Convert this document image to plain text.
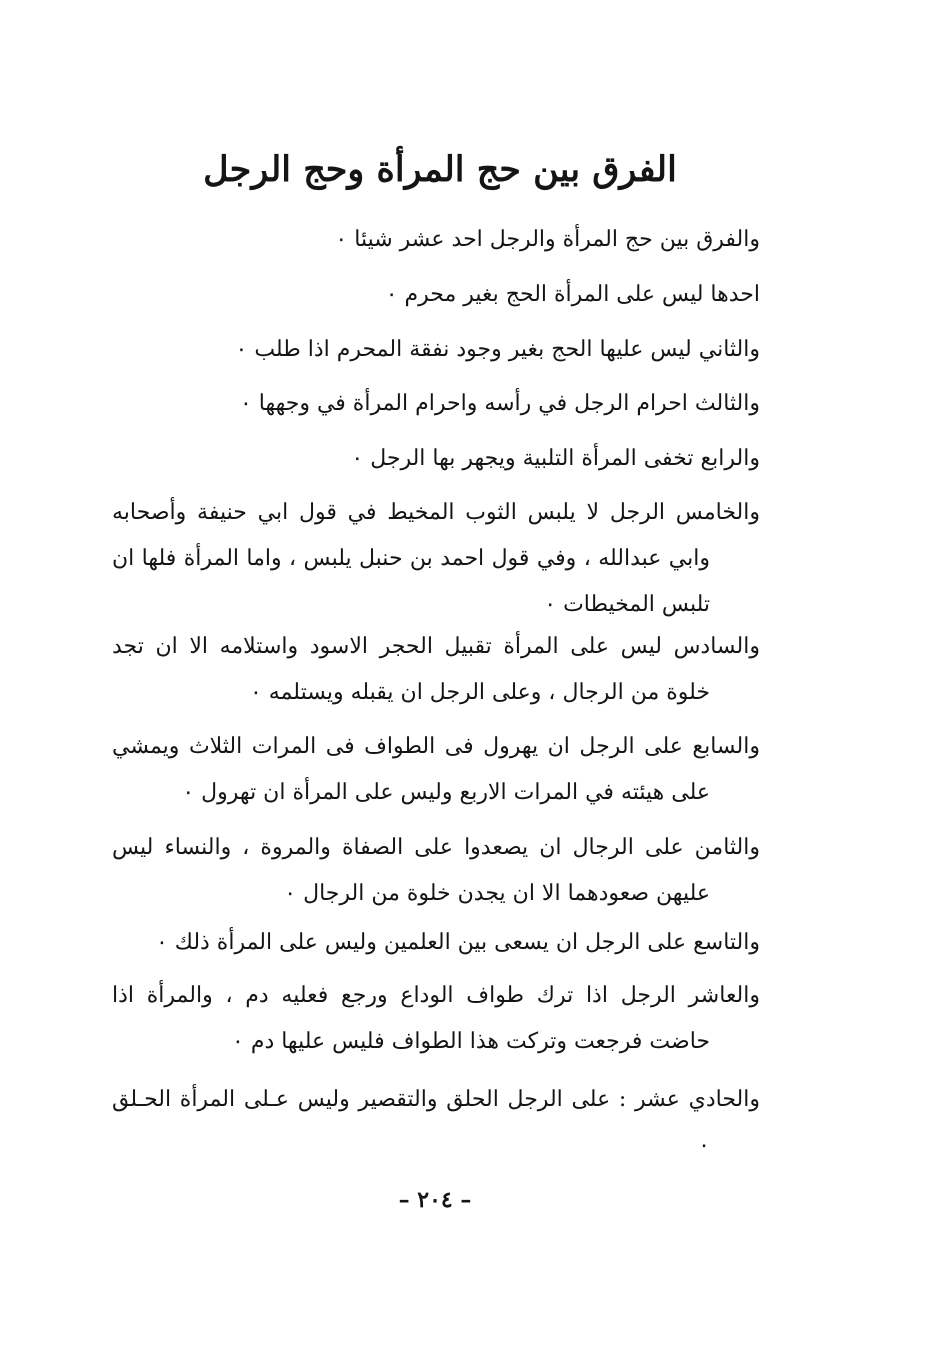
الفرق بين حج المرأة وحج الرجل

والفرق بين حج المرأة والرجل احد عشر شيئا ٠

احدها ليس على المرأة الحج بغير محرم ٠

والثاني ليس عليها الحج بغير وجود نفقة المحرم اذا طلب ٠

والثالث احرام الرجل في رأسه واحرام المرأة في وجهها ٠

والرابع تخفى المرأة التلبية ويجهر بها الرجل ٠

والخامس الرجل لا يلبس الثوب المخيط في قول ابي حنيفة وأصحابه وابي عبدالله ، وفي قول احمد بن حنبل يلبس ، واما المرأة فلها ان تلبس المخيطات ٠

والسادس ليس على المرأة تقبيل الحجر الاسود واستلامه الا ان تجد خلوة من الرجال ، وعلى الرجل ان يقبله ويستلمه ٠

والسابع على الرجل ان يهرول فى الطواف فى المرات الثلاث ويمشي على هيئته في المرات الاربع وليس على المرأة ان تهرول ٠

والثامن على الرجال ان يصعدوا على الصفاة والمروة ، والنساء ليس عليهن صعودهما الا ان يجدن خلوة من الرجال ٠

والتاسع على الرجل ان يسعى بين العلمين وليس على المرأة ذلك ٠

والعاشر الرجل اذا ترك طواف الوداع ورجع فعليه دم ، والمرأة اذا حاضت فرجعت وتركت هذا الطواف فليس عليها دم ٠

والحادي عشر : على الرجل الحلق والتقصير وليس عـلى المرأة الحـلق ٠

– ٢٠٤ –
